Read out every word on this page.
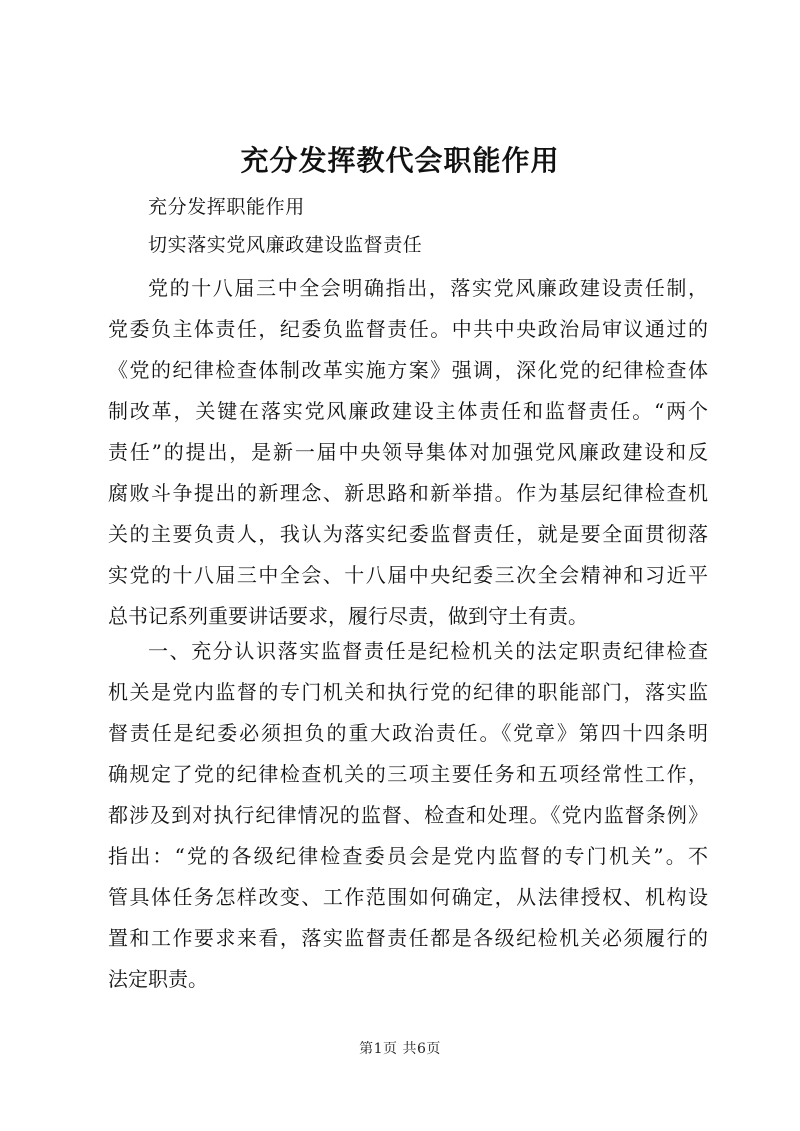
充分发挥教代会职能作用
充分发挥职能作用
切实落实党风廉政建设监督责任
党的十八届三中全会明确指出，落实党风廉政建设责任制，
党委负主体责任，纪委负监督责任。中共中央政治局审议通过的
《党的纪律检查体制改革实施方案》强调，深化党的纪律检查体
制改革，关键在落实党风廉政建设主体责任和监督责任。“两个
责任”的提出，是新一届中央领导集体对加强党风廉政建设和反
腐败斗争提出的新理念、新思路和新举措。作为基层纪律检查机
关的主要负责人，我认为落实纪委监督责任，就是要全面贯彻落
实党的十八届三中全会、十八届中央纪委三次全会精神和习近平
总书记系列重要讲话要求，履行尽责，做到守土有责。
一、充分认识落实监督责任是纪检机关的法定职责纪律检查
机关是党内监督的专门机关和执行党的纪律的职能部门，落实监
督责任是纪委必须担负的重大政治责任。《党章》第四十四条明
确规定了党的纪律检查机关的三项主要任务和五项经常性工作，
都涉及到对执行纪律情况的监督、检查和处理。《党内监督条例》
指出：“党的各级纪律检查委员会是党内监督的专门机关”。不
管具体任务怎样改变、工作范围如何确定，从法律授权、机构设
置和工作要求来看，落实监督责任都是各级纪检机关必须履行的
法定职责。
第1页 共6页
